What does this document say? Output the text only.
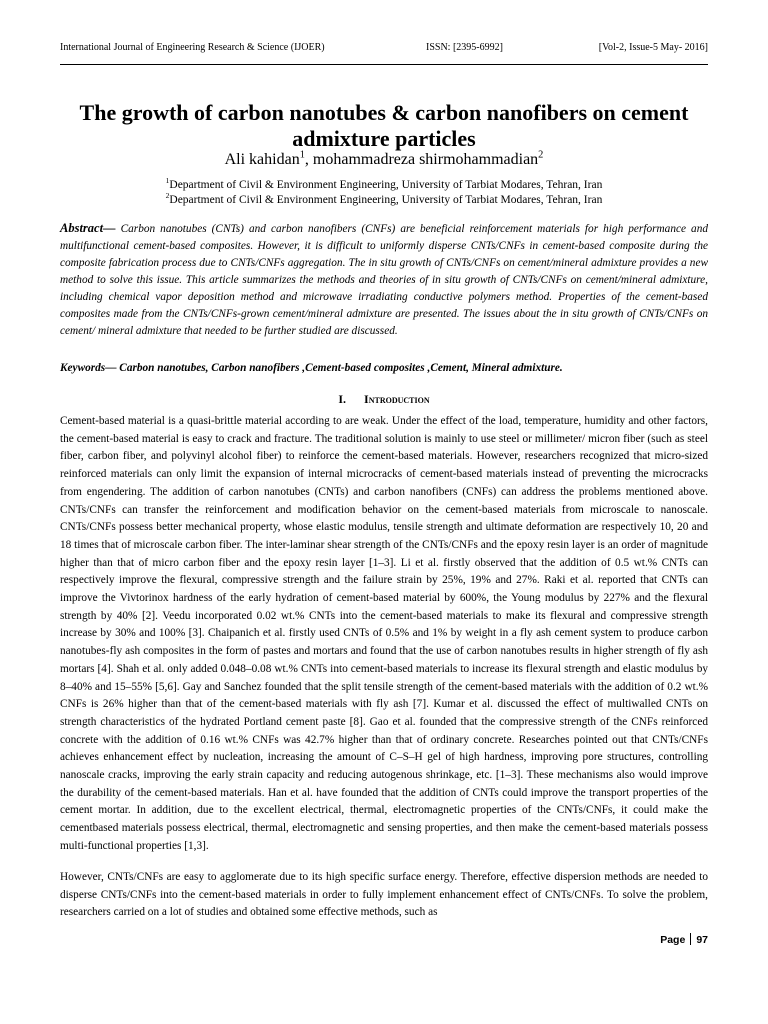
International Journal of Engineering Research & Science (IJOER)	ISSN: [2395-6992]	[Vol-2, Issue-5 May- 2016]
The growth of carbon nanotubes & carbon nanofibers on cement admixture particles
Ali kahidan$^1$, mohammadreza shirmohammadian$^2$
$^1$Department of Civil & Environment Engineering, University of Tarbiat Modares, Tehran, Iran
$^2$Department of Civil & Environment Engineering, University of Tarbiat Modares, Tehran, Iran

Abstract— Carbon nanotubes (CNTs) and carbon nanofibers (CNFs) are beneficial reinforcement materials for high performance and multifunctional cement-based composites. However, it is difficult to uniformly disperse CNTs/CNFs in cement-based composite during the composite fabrication process due to CNTs/CNFs aggregation. The in situ growth of CNTs/CNFs on cement/mineral admixture provides a new method to solve this issue. This article summarizes the methods and theories of in situ growth of CNTs/CNFs on cement/mineral admixture, including chemical vapor deposition method and microwave irradiating conductive polymers method. Properties of the cement-based composites made from the CNTs/CNFs-grown cement/mineral admixture are presented. The issues about the in situ growth of CNTs/CNFs on cement/ mineral admixture that needed to be further studied are discussed.

Keywords— Carbon nanotubes, Carbon nanofibers ,Cement-based composites ,Cement, Mineral admixture.

I. Introduction

Cement-based material is a quasi-brittle material according to are weak. Under the effect of the load, temperature, humidity and other factors, the cement-based material is easy to crack and fracture. The traditional solution is mainly to use steel or millimeter/ micron fiber (such as steel fiber, carbon fiber, and polyvinyl alcohol fiber) to reinforce the cement-based materials. However, researchers recognized that micro-sized reinforced materials can only limit the expansion of internal microcracks of cement-based materials instead of preventing the microcracks from engendering. The addition of carbon nanotubes (CNTs) and carbon nanofibers (CNFs) can address the problems mentioned above. CNTs/CNFs can transfer the reinforcement and modification behavior on the cement-based materials from microscale to nanoscale. CNTs/CNFs possess better mechanical property, whose elastic modulus, tensile strength and ultimate deformation are respectively 10, 20 and 18 times that of microscale carbon fiber. The inter-laminar shear strength of the CNTs/CNFs and the epoxy resin layer is an order of magnitude higher than that of micro carbon fiber and the epoxy resin layer [1–3]. Li et al. firstly observed that the addition of 0.5 wt.% CNTs can respectively improve the flexural, compressive strength and the failure strain by 25%, 19% and 27%. Raki et al. reported that CNTs can improve the Vivtorinox hardness of the early hydration of cement-based material by 600%, the Young modulus by 227% and the flexural strength by 40% [2]. Veedu incorporated 0.02 wt.% CNTs into the cement-based materials to make its flexural and compressive strength increase by 30% and 100% [3]. Chaipanich et al. firstly used CNTs of 0.5% and 1% by weight in a fly ash cement system to produce carbon nanotubes-fly ash composites in the form of pastes and mortars and found that the use of carbon nanotubes results in higher strength of fly ash mortars [4]. Shah et al. only added 0.048–0.08 wt.% CNTs into cement-based materials to increase its flexural strength and elastic modulus by 8–40% and 15–55% [5,6]. Gay and Sanchez founded that the split tensile strength of the cement-based materials with the addition of 0.2 wt.% CNFs is 26% higher than that of the cement-based materials with fly ash [7]. Kumar et al. discussed the effect of multiwalled CNTs on strength characteristics of the hydrated Portland cement paste [8]. Gao et al. founded that the compressive strength of the CNFs reinforced concrete with the addition of 0.16 wt.% CNFs was 42.7% higher than that of ordinary concrete. Researches pointed out that CNTs/CNFs achieves enhancement effect by nucleation, increasing the amount of C–S–H gel of high hardness, improving pore structures, controlling nanoscale cracks, improving the early strain capacity and reducing autogenous shrinkage, etc. [1–3]. These mechanisms also would improve the durability of the cement-based materials. Han et al. have founded that the addition of CNTs could improve the transport properties of the cement mortar. In addition, due to the excellent electrical, thermal, electromagnetic properties of the CNTs/CNFs, it could make the cementbased materials possess electrical, thermal, electromagnetic and sensing properties, and then make the cement-based materials possess multi-functional properties [1,3].

However, CNTs/CNFs are easy to agglomerate due to its high specific surface energy. Therefore, effective dispersion methods are needed to disperse CNTs/CNFs into the cement-based materials in order to fully implement enhancement effect of CNTs/CNFs. To solve the problem, researchers carried on a lot of studies and obtained some effective methods, such as

Page 97
